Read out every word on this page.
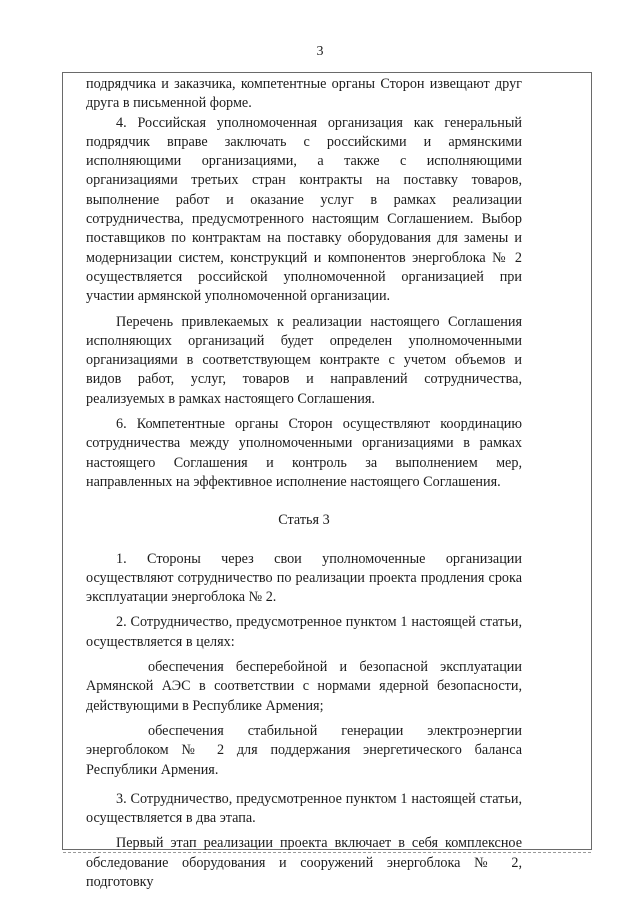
3

подрядчика и заказчика, компетентные органы Сторон извещают друг друга в письменной форме.

4. Российская уполномоченная организация как генеральный подрядчик вправе заключать с российскими и армянскими исполняющими организациями, а также с исполняющими организациями третьих стран контракты на поставку товаров, выполнение работ и оказание услуг в рамках реализации сотрудничества, предусмотренного настоящим Соглашением. Выбор поставщиков по контрактам на поставку оборудования для замены и модернизации систем, конструкций и компонентов энергоблока № 2 осуществляется российской уполномоченной организацией при участии армянской уполномоченной организации.

Перечень привлекаемых к реализации настоящего Соглашения исполняющих организаций будет определен уполномоченными организациями в соответствующем контракте с учетом объемов и видов работ, услуг, товаров и направлений сотрудничества, реализуемых в рамках настоящего Соглашения.

6. Компетентные органы Сторон осуществляют координацию сотрудничества между уполномоченными организациями в рамках настоящего Соглашения и контроль за выполнением мер, направленных на эффективное исполнение настоящего Соглашения.

Статья 3

1. Стороны через свои уполномоченные организации осуществляют сотрудничество по реализации проекта продления срока эксплуатации энергоблока № 2.

2. Сотрудничество, предусмотренное пунктом 1 настоящей статьи, осуществляется в целях:

обеспечения бесперебойной и безопасной эксплуатации Армянской АЭС в соответствии с нормами ядерной безопасности, действующими в Республике Армения;

обеспечения стабильной генерации электроэнергии энергоблоком № 2 для поддержания энергетического баланса Республики Армения.

3. Сотрудничество, предусмотренное пунктом 1 настоящей статьи, осуществляется в два этапа.

Первый этап реализации проекта включает в себя комплексное обследование оборудования и сооружений энергоблока № 2, подготовку
